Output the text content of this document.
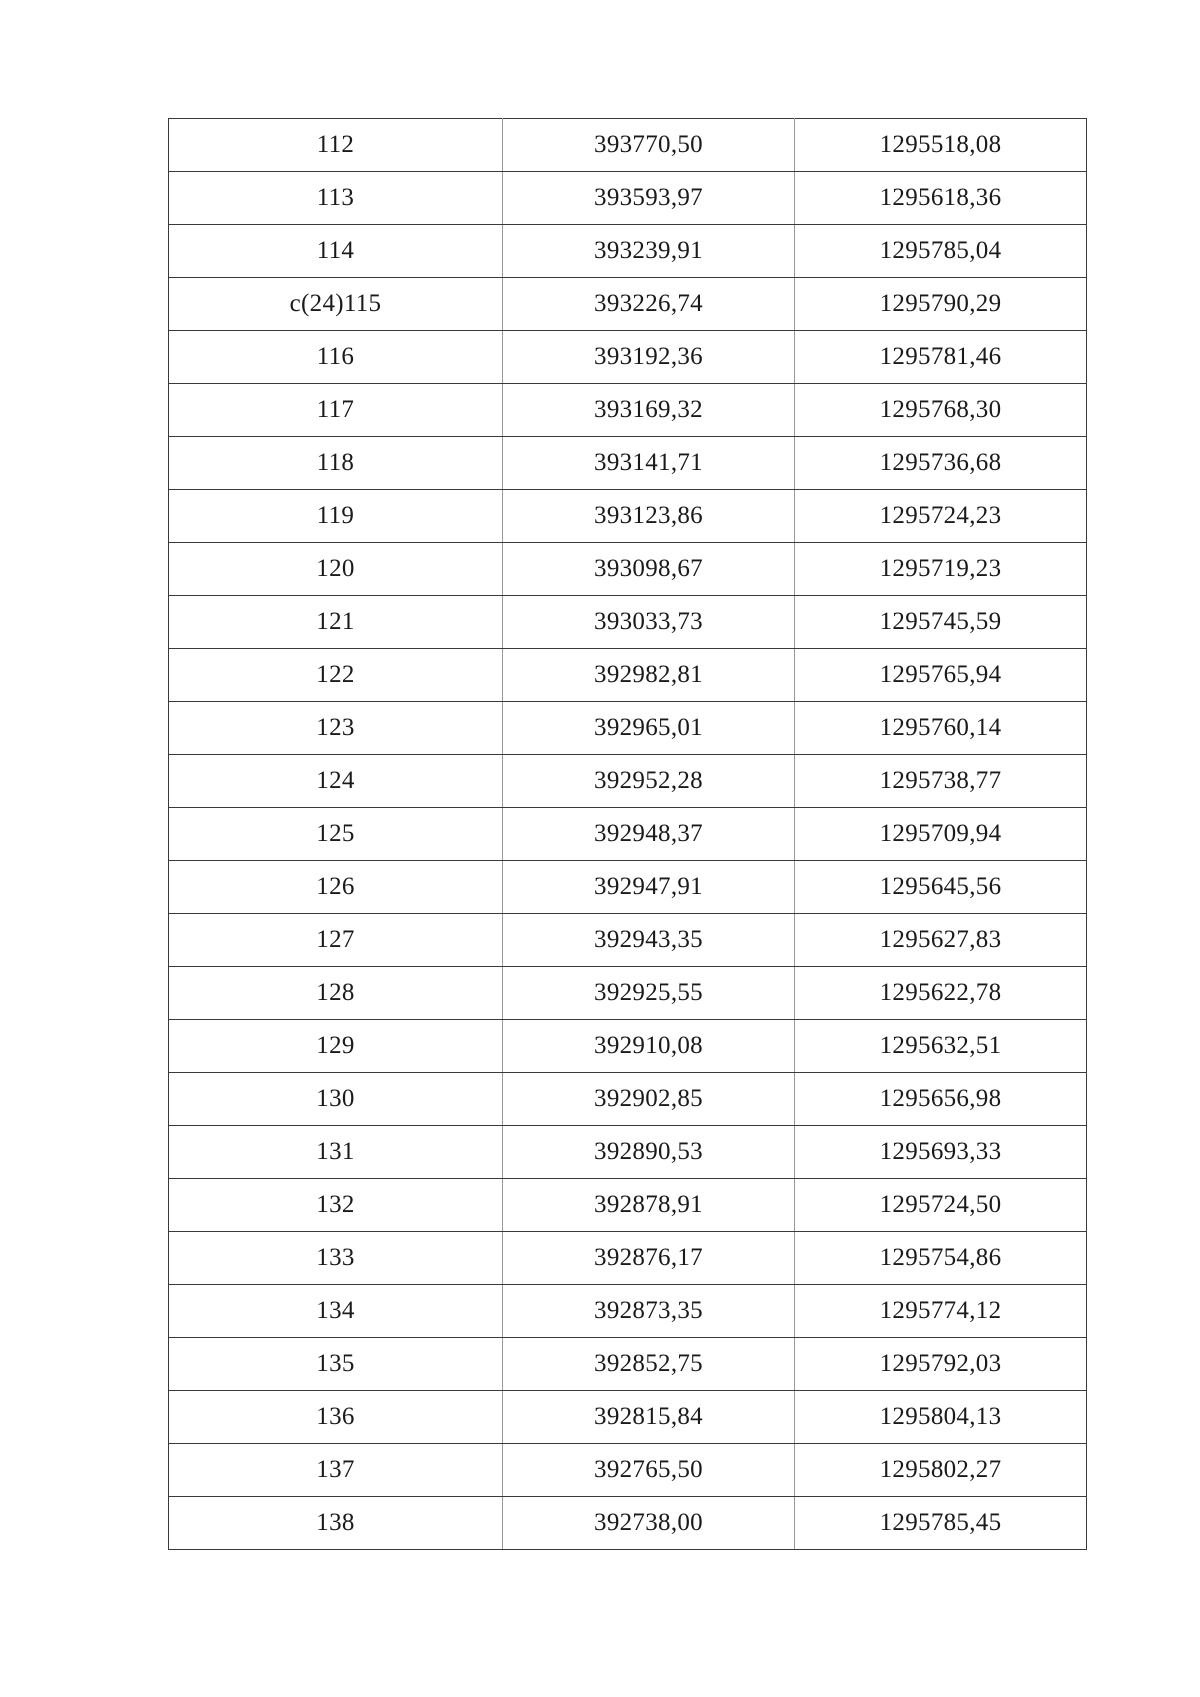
112	393770,50	1295518,08
113	393593,97	1295618,36
114	393239,91	1295785,04
c(24)115	393226,74	1295790,29
116	393192,36	1295781,46
117	393169,32	1295768,30
118	393141,71	1295736,68
119	393123,86	1295724,23
120	393098,67	1295719,23
121	393033,73	1295745,59
122	392982,81	1295765,94
123	392965,01	1295760,14
124	392952,28	1295738,77
125	392948,37	1295709,94
126	392947,91	1295645,56
127	392943,35	1295627,83
128	392925,55	1295622,78
129	392910,08	1295632,51
130	392902,85	1295656,98
131	392890,53	1295693,33
132	392878,91	1295724,50
133	392876,17	1295754,86
134	392873,35	1295774,12
135	392852,75	1295792,03
136	392815,84	1295804,13
137	392765,50	1295802,27
138	392738,00	1295785,45
